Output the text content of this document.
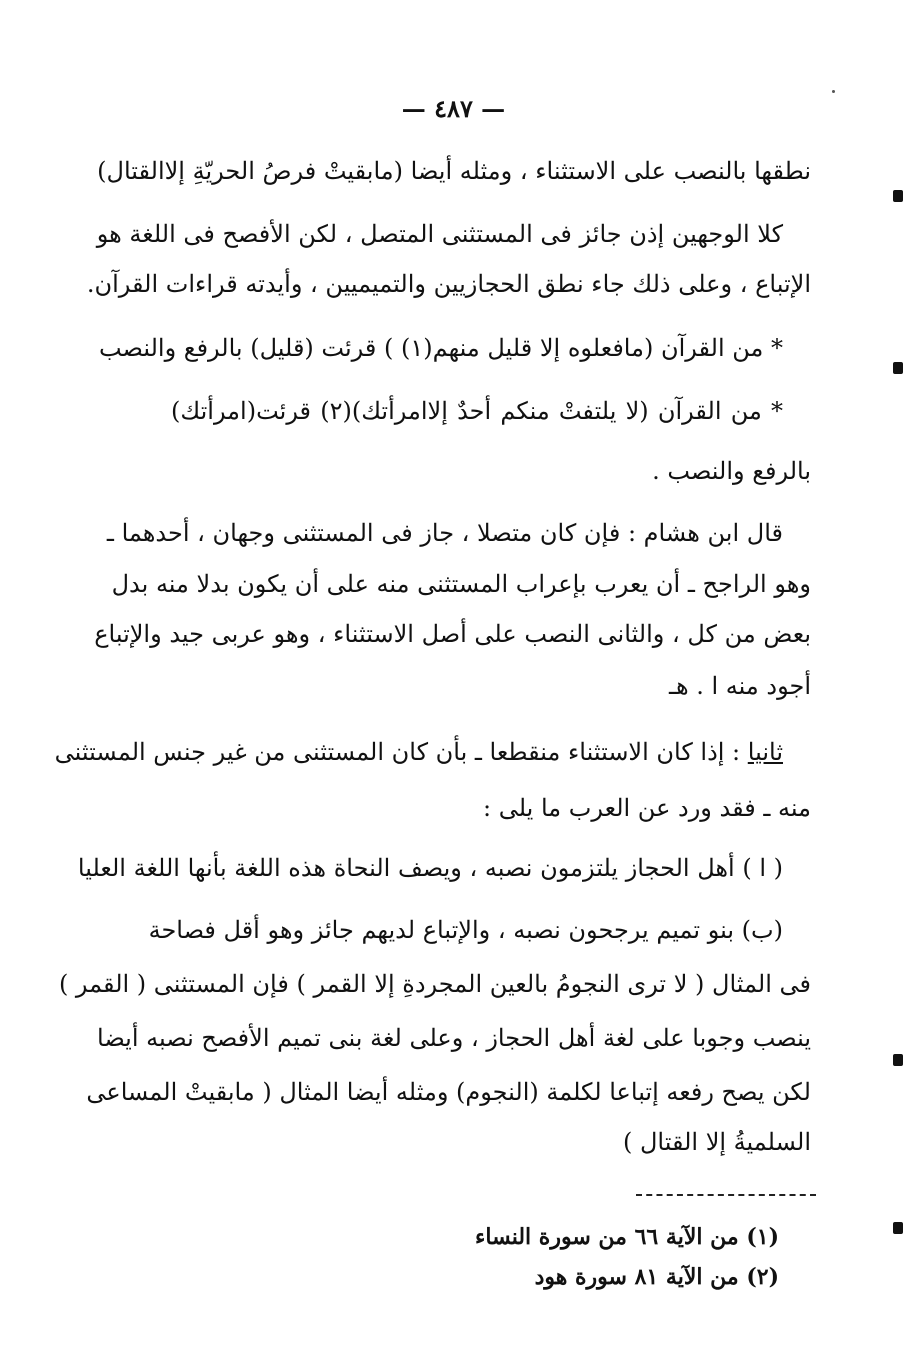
— ٤٨٧ —
نطقها بالنصب على الاستثناء ، ومثله أيضا (مابقيتْ فرصُ الحريّةِ إلاالقتال)
كلا الوجهين إذن جائز فى المستثنى المتصل ، لكن الأفصح فى اللغة هو
الإتباع ، وعلى ذلك جاء نطق الحجازيين والتميميين ، وأيدته قراءات القرآن.
* من القرآن (مافعلوه إلا قليل منهم(١) ) قرئت (قليل) بالرفع والنصب
* من القرآن (لا يلتفتْ منكم أحدٌ إلاامرأتك)(٢) قرئت(امرأتك)
بالرفع والنصب .
قال ابن هشام : فإن كان متصلا ، جاز فى المستثنى وجهان ، أحدهما ـ
وهو الراجح ـ أن يعرب بإعراب المستثنى منه على أن يكون بدلا منه بدل
بعض من كل ، والثانى النصب على أصل الاستثناء ، وهو عربى جيد والإتباع
أجود منه ا . هـ
ثانيا : إذا كان الاستثناء منقطعا ـ بأن كان المستثنى من غير جنس المستثنى
منه ـ فقد ورد عن العرب ما يلى :
( ا ) أهل الحجاز يلتزمون نصبه ، ويصف النحاة هذه اللغة بأنها اللغة العليا
(ب) بنو تميم يرجحون نصبه ، والإتباع لديهم جائز وهو أقل فصاحة
فى المثال ( لا ترى النجومُ بالعين المجردةِ إلا القمر ) فإن المستثنى ( القمر )
ينصب وجوبا على لغة أهل الحجاز ، وعلى لغة بنى تميم الأفصح نصبه أيضا
لكن يصح رفعه إتباعا لكلمة (النجوم) ومثله أيضا المثال ( مابقيتْ المساعى
السلميةُ إلا القتال )
(١) من الآية ٦٦ من سورة النساء
(٢) من الآية ٨١ سورة هود
